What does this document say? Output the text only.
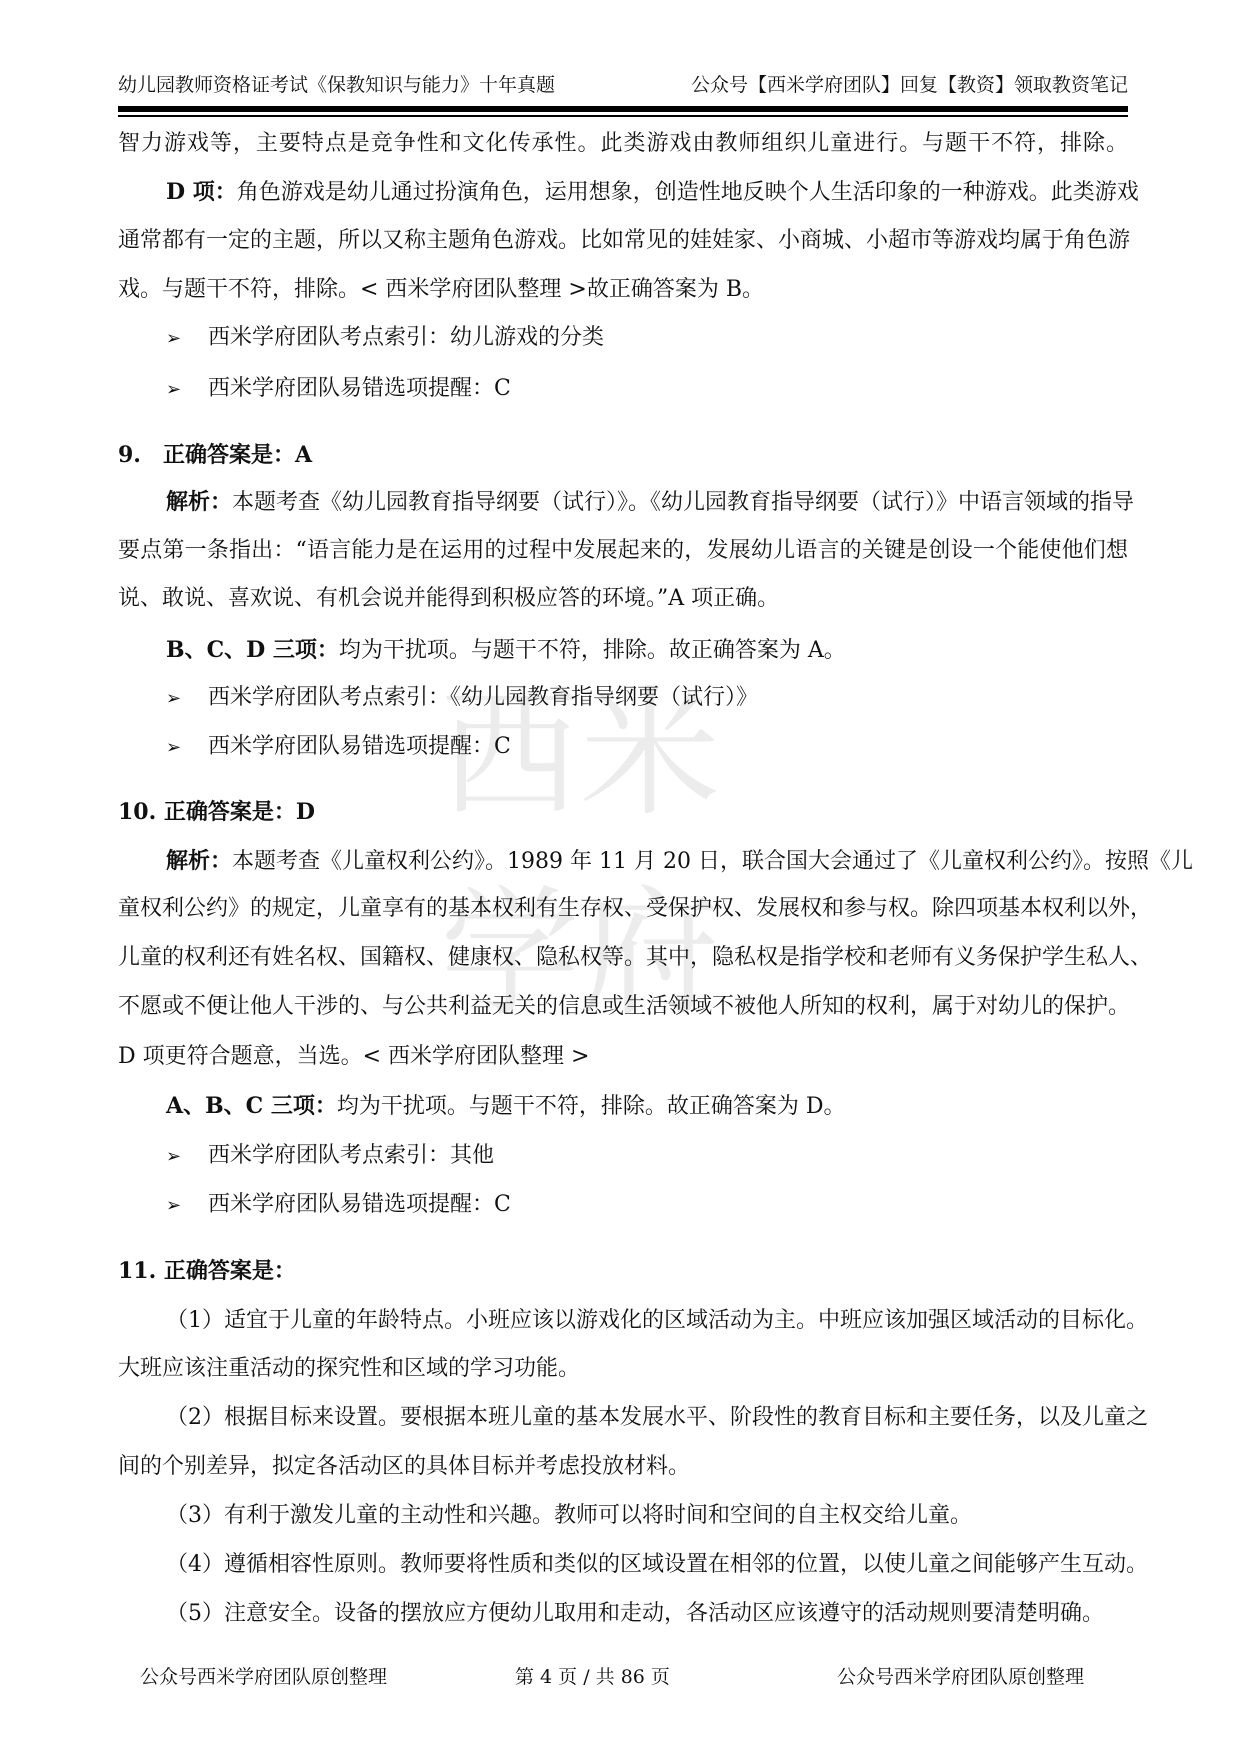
幼儿园教师资格证考试《保教知识与能力》十年真题	公众号【西米学府团队】回复【教资】领取教资笔记
西 米
学 府
智力游戏等，主要特点是竞争性和文化传承性。此类游戏由教师组织儿童进行。与题干不符，排除。
D 项：角色游戏是幼儿通过扮演角色，运用想象，创造性地反映个人生活印象的一种游戏。此类游戏
通常都有一定的主题，所以又称主题角色游戏。比如常见的娃娃家、小商城、小超市等游戏均属于角色游
戏。与题干不符，排除。< 西米学府团队整理 >故正确答案为 B。
➢ 西米学府团队考点索引：幼儿游戏的分类
➢ 西米学府团队易错选项提醒：C
9.　正确答案是：A
解析：本题考查《幼儿园教育指导纲要（试行）》。《幼儿园教育指导纲要（试行）》中语言领域的指导
要点第一条指出：“语言能力是在运用的过程中发展起来的，发展幼儿语言的关键是创设一个能使他们想
说、敢说、喜欢说、有机会说并能得到积极应答的环境。”A 项正确。
B、C、D 三项：均为干扰项。与题干不符，排除。故正确答案为 A。
➢ 西米学府团队考点索引：《幼儿园教育指导纲要（试行）》
➢ 西米学府团队易错选项提醒：C
10. 正确答案是：D
解析：本题考查《儿童权利公约》。1989 年 11 月 20 日，联合国大会通过了《儿童权利公约》。按照《儿
童权利公约》的规定，儿童享有的基本权利有生存权、受保护权、发展权和参与权。除四项基本权利以外，
儿童的权利还有姓名权、国籍权、健康权、隐私权等。其中，隐私权是指学校和老师有义务保护学生私人、
不愿或不便让他人干涉的、与公共利益无关的信息或生活领域不被他人所知的权利，属于对幼儿的保护。
D 项更符合题意，当选。< 西米学府团队整理 >
A、B、C 三项：均为干扰项。与题干不符，排除。故正确答案为 D。
➢ 西米学府团队考点索引：其他
➢ 西米学府团队易错选项提醒：C
11. 正确答案是：
（1）适宜于儿童的年龄特点。小班应该以游戏化的区域活动为主。中班应该加强区域活动的目标化。
大班应该注重活动的探究性和区域的学习功能。
（2）根据目标来设置。要根据本班儿童的基本发展水平、阶段性的教育目标和主要任务，以及儿童之
间的个别差异，拟定各活动区的具体目标并考虑投放材料。
（3）有利于激发儿童的主动性和兴趣。教师可以将时间和空间的自主权交给儿童。
（4）遵循相容性原则。教师要将性质和类似的区域设置在相邻的位置，以使儿童之间能够产生互动。
（5）注意安全。设备的摆放应方便幼儿取用和走动，各活动区应该遵守的活动规则要清楚明确。
公众号西米学府团队原创整理	第 4 页 / 共 86 页	公众号西米学府团队原创整理
